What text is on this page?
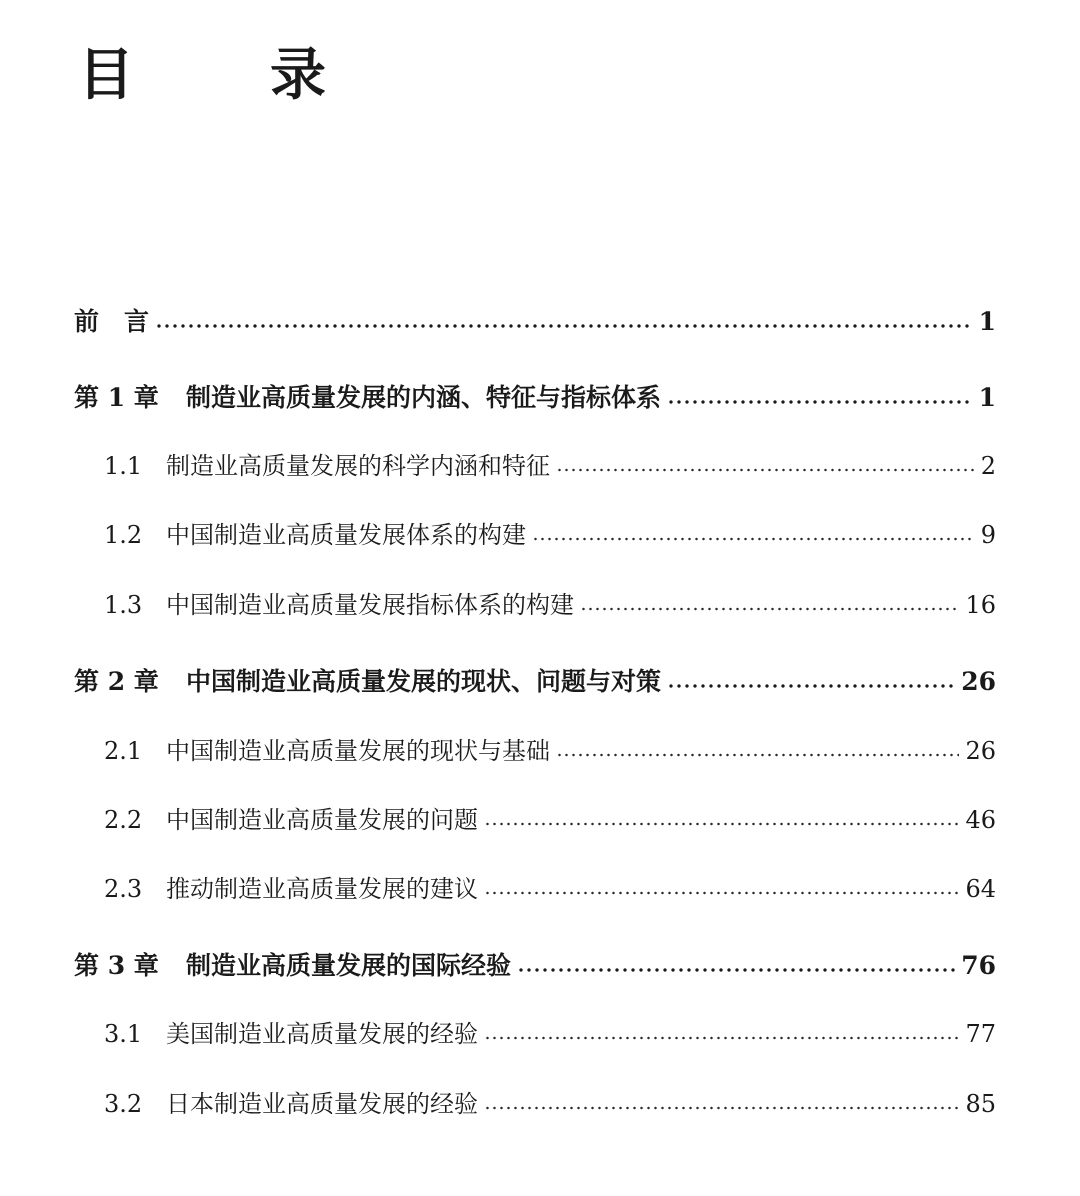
目　录
前　言	1
第 1 章	制造业高质量发展的内涵、特征与指标体系	1
1.1 制造业高质量发展的科学内涵和特征	2
1.2 中国制造业高质量发展体系的构建	9
1.3 中国制造业高质量发展指标体系的构建	16
第 2 章	中国制造业高质量发展的现状、问题与对策	26
2.1 中国制造业高质量发展的现状与基础	26
2.2 中国制造业高质量发展的问题	46
2.3 推动制造业高质量发展的建议	64
第 3 章	制造业高质量发展的国际经验	76
3.1 美国制造业高质量发展的经验	77
3.2 日本制造业高质量发展的经验	85
